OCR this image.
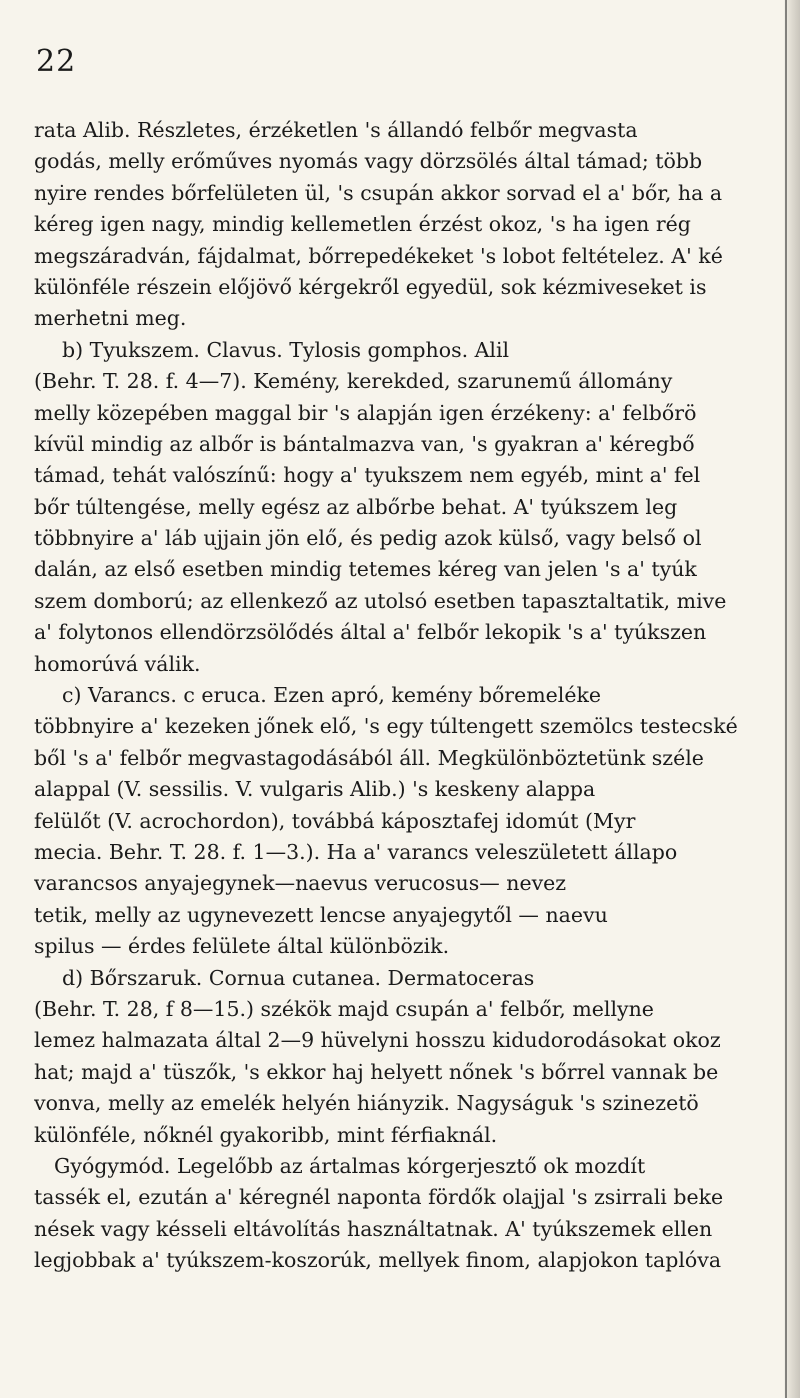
22
rata Alib. Részletes, érzéketlen 's állandó felbőr megvasta
godás, melly erőműves nyomás vagy dörzsölés által támad; több
nyire rendes bőrfelületen ül, 's csupán akkor sorvad el a' bőr, ha a
kéreg igen nagy, mindig kellemetlen érzést okoz, 's ha igen rég
megszáradván, fájdalmat, bőrrepedékeket 's lobot feltételez. A' ké
különféle részein előjövő kérgekről egyedül, sok kézmiveseket is
merhetni meg.
b) Tyukszem. Clavus. Tylosis gomphos. Alil
(Behr. T. 28. f. 4—7). Kemény, kerekded, szarunemű állomány
melly közepében maggal bir 's alapján igen érzékeny: a' felbőrö
kívül mindig az albőr is bántalmazva van, 's gyakran a' kéregbő
támad, tehát valószínű: hogy a' tyukszem nem egyéb, mint a' fel
bőr túltengése, melly egész az albőrbe behat. A' tyúkszem leg
többnyire a' láb ujjain jön elő, és pedig azok külső, vagy belső ol
dalán, az első esetben mindig tetemes kéreg van jelen 's a' tyúk
szem domború; az ellenkező az utolsó esetben tapasztaltatik, mive
a' folytonos ellendörzsölődés által a' felbőr lekopik 's a' tyúkszen
homorúvá válik.
c) Varancs. c eruca. Ezen apró, kemény bőremeléke
többnyire a' kezeken jőnek elő, 's egy túltengett szemölcs testecské
ből 's a' felbőr megvastagodásából áll. Megkülönböztetünk széle
alappal (V. sessilis. V. vulgaris Alib.) 's keskeny alappa
felülőt (V. acrochordon), továbbá káposztafej idomút (Myr
mecia. Behr. T. 28. f. 1—3.). Ha a' varancs veleszületett állapo
varancsos anyajegynek—naevus verucosus— nevez
tetik, melly az ugynevezett lencse anyajegytől — naevu
spilus — érdes felülete által különbözik.
d) Bőrszaruk. Cornua cutanea. Dermatoceras
(Behr. T. 28, f 8—15.) székök majd csupán a' felbőr, mellyne
lemez halmazata által 2—9 hüvelyni hosszu kidudorodásokat okoz
hat; majd a' tüszők, 's ekkor haj helyett nőnek 's bőrrel vannak be
vonva, melly az emelék helyén hiányzik. Nagyságuk 's szinezetö
különféle, nőknél gyakoribb, mint férfiaknál.
Gyógymód. Legelőbb az ártalmas kórgerjesztő ok mozdít
tassék el, ezután a' kéregnél naponta fördők olajjal 's zsirrali beke
nések vagy késseli eltávolítás használtatnak. A' tyúkszemek ellen
legjobbak a' tyúkszem-koszorúk, mellyek finom, alapjokon taplóva
